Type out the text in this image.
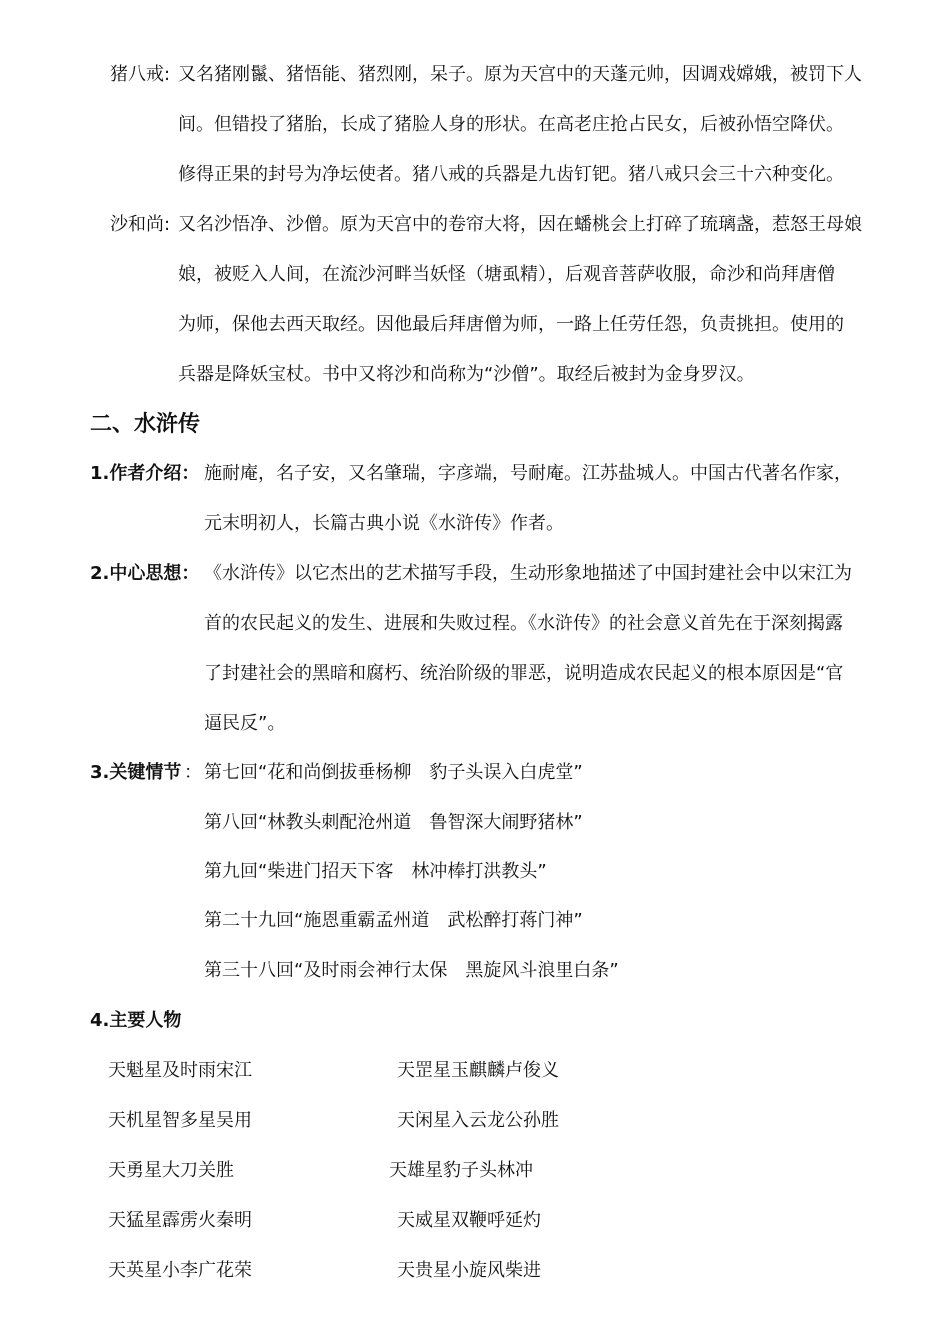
猪八戒: 又名猪刚鬣、猪悟能、猪烈刚，呆子。原为天宫中的天蓬元帅，因调戏嫦娥，被罚下人
间。但错投了猪胎，长成了猪脸人身的形状。在高老庄抢占民女，后被孙悟空降伏。
修得正果的封号为净坛使者。猪八戒的兵器是九齿钉钯。猪八戒只会三十六种变化。
沙和尚: 又名沙悟净、沙僧。原为天宫中的卷帘大将，因在蟠桃会上打碎了琉璃盏，惹怒王母娘
娘，被贬入人间，在流沙河畔当妖怪（塘虱精），后观音菩萨收服，命沙和尚拜唐僧
为师，保他去西天取经。因他最后拜唐僧为师，一路上任劳任怨，负责挑担。使用的
兵器是降妖宝杖。书中又将沙和尚称为“沙僧”。取经后被封为金身罗汉。
二、水浒传
1.作者介绍： 施耐庵，名子安，又名肇瑞，字彦端，号耐庵。江苏盐城人。中国古代著名作家，
元末明初人，长篇古典小说《水浒传》作者。
2.中心思想： 《水浒传》以它杰出的艺术描写手段，生动形象地描述了中国封建社会中以宋江为
首的农民起义的发生、进展和失败过程。《水浒传》的社会意义首先在于深刻揭露
了封建社会的黑暗和腐朽、统治阶级的罪恶，说明造成农民起义的根本原因是“官
逼民反”。
3.关键情节 ： 第七回“花和尚倒拔垂杨柳　豹子头误入白虎堂”
第八回“林教头刺配沧州道　鲁智深大闹野猪林”
第九回“柴进门招天下客　林冲棒打洪教头”
第二十九回“施恩重霸孟州道　武松醉打蒋门神”
第三十八回“及时雨会神行太保　黑旋风斗浪里白条”
4.主要人物
天魁星及时雨宋江	天罡星玉麒麟卢俊义
天机星智多星吴用	天闲星入云龙公孙胜
天勇星大刀关胜	天雄星豹子头林冲
天猛星霹雳火秦明	天威星双鞭呼延灼
天英星小李广花荣	天贵星小旋风柴进
